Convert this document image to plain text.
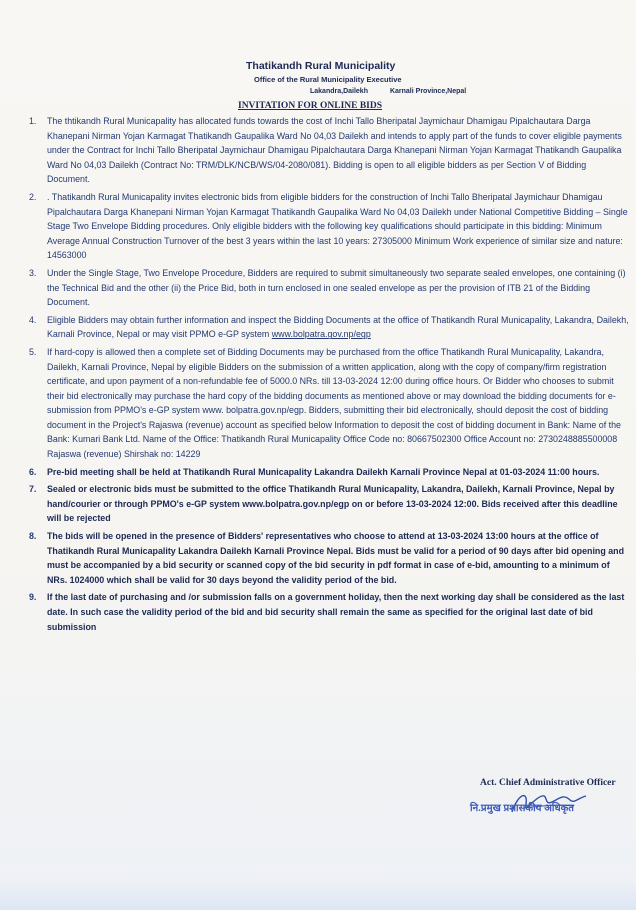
Thatikandh Rural Municipality
Office of the Rural Municipality Executive
Lakandra,Dailekh	Karnali Province,Nepal
INVITATION FOR ONLINE BIDS
1. The thtikandh Rural Municapality has allocated funds towards the cost of Inchi Tallo Bheripatal Jaymichaur Dhamigau Pipalchautara Darga Khanepani Nirman Yojan Karmagat Thatikandh Gaupalika Ward No 04,03 Dailekh and intends to apply part of the funds to cover eligible payments under the Contract for Inchi Tallo Bheripatal Jaymichaur Dhamigau Pipalchautara Darga Khanepani Nirman Yojan Karmagat Thatikandh Gaupalika Ward No 04,03 Dailekh (Contract No: TRM/DLK/NCB/WS/04-2080/081). Bidding is open to all eligible bidders as per Section V of Bidding Document.
2. . Thatikandh Rural Municapality invites electronic bids from eligible bidders for the construction of Inchi Tallo Bheripatal Jaymichaur Dhamigau Pipalchautara Darga Khanepani Nirman Yojan Karmagat Thatikandh Gaupalika Ward No 04,03 Dailekh under National Competitive Bidding – Single Stage Two Envelope Bidding procedures. Only eligible bidders with the following key qualifications should participate in this bidding: Minimum Average Annual Construction Turnover of the best 3 years within the last 10 years: 27305000 Minimum Work experience of similar size and nature: 14563000
3. Under the Single Stage, Two Envelope Procedure, Bidders are required to submit simultaneously two separate sealed envelopes, one containing (i) the Technical Bid and the other (ii) the Price Bid, both in turn enclosed in one sealed envelope as per the provision of ITB 21 of the Bidding Document.
4. Eligible Bidders may obtain further information and inspect the Bidding Documents at the office of Thatikandh Rural Municapality, Lakandra, Dailekh, Karnali Province, Nepal or may visit PPMO e-GP system www.bolpatra.gov.np/egp
5. If hard-copy is allowed then a complete set of Bidding Documents may be purchased from the office Thatikandh Rural Municapality, Lakandra, Dailekh, Karnali Province, Nepal by eligible Bidders on the submission of a written application, along with the copy of company/firm registration certificate, and upon payment of a non-refundable fee of 5000.0 NRs. till 13-03-2024 12:00 during office hours. Or Bidder who chooses to submit their bid electronically may purchase the hard copy of the bidding documents as mentioned above or may download the bidding documents for e-submission from PPMO's e-GP system www. bolpatra.gov.np/egp. Bidders, submitting their bid electronically, should deposit the cost of bidding document in the Project's Rajaswa (revenue) account as specified below Information to deposit the cost of bidding document in Bank: Name of the Bank: Kumari Bank Ltd. Name of the Office: Thatikandh Rural Municapality Office Code no: 80667502300 Office Account no: 2730248885500008 Rajaswa (revenue) Shirshak no: 14229
6. Pre-bid meeting shall be held at Thatikandh Rural Municapality Lakandra Dailekh Karnali Province Nepal at 01-03-2024 11:00 hours.
7. Sealed or electronic bids must be submitted to the office Thatikandh Rural Municapality, Lakandra, Dailekh, Karnali Province, Nepal by hand/courier or through PPMO's e-GP system www.bolpatra.gov.np/egp on or before 13-03-2024 12:00. Bids received after this deadline will be rejected
8. The bids will be opened in the presence of Bidders' representatives who choose to attend at 13-03-2024 13:00 hours at the office of Thatikandh Rural Municapality Lakandra Dailekh Karnali Province Nepal. Bids must be valid for a period of 90 days after bid opening and must be accompanied by a bid security or scanned copy of the bid security in pdf format in case of e-bid, amounting to a minimum of NRs. 1024000 which shall be valid for 30 days beyond the validity period of the bid.
9. If the last date of purchasing and /or submission falls on a government holiday, then the next working day shall be considered as the last date. In such case the validity period of the bid and bid security shall remain the same as specified for the original last date of bid submission
Act. Chief Administrative Officer
नि.प्रमुख प्रशासकीय अधिकृत
